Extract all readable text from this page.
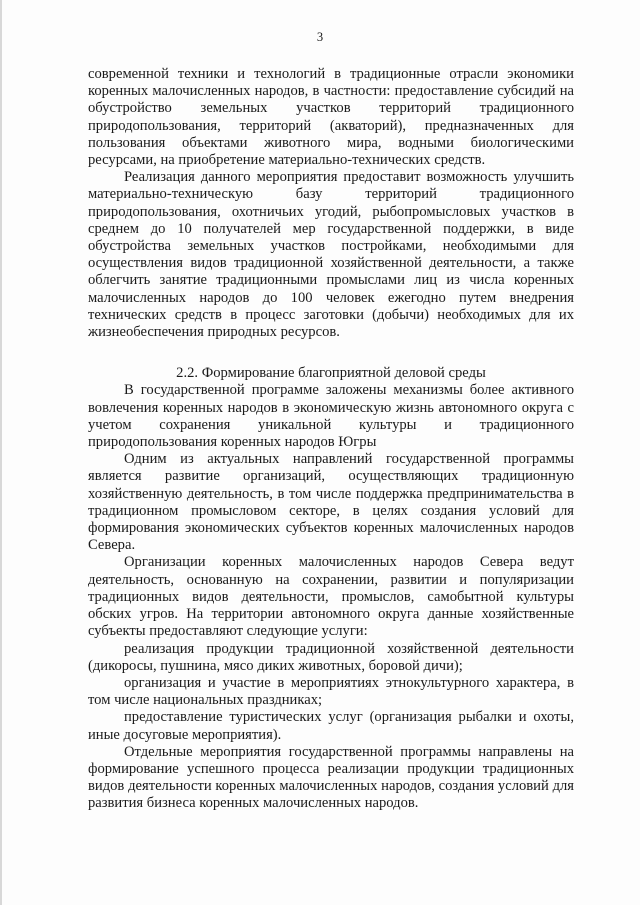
3

современной техники и технологий в традиционные отрасли экономики коренных малочисленных народов, в частности: предоставление субсидий на обустройство земельных участков территорий традиционного природопользования, территорий (акваторий), предназначенных для пользования объектами животного мира, водными биологическими ресурсами, на приобретение материально-технических средств.

Реализация данного мероприятия предоставит возможность улучшить материально-техническую базу территорий традиционного природопользования, охотничьих угодий, рыбопромысловых участков в среднем до 10 получателей мер государственной поддержки, в виде обустройства земельных участков постройками, необходимыми для осуществления видов традиционной хозяйственной деятельности, а также облегчить занятие традиционными промыслами лиц из числа коренных малочисленных народов до 100 человек ежегодно путем внедрения технических средств в процесс заготовки (добычи) необходимых для их жизнеобеспечения природных ресурсов.

2.2. Формирование благоприятной деловой среды

В государственной программе заложены механизмы более активного вовлечения коренных народов в экономическую жизнь автономного округа с учетом сохранения уникальной культуры и традиционного природопользования коренных народов Югры

Одним из актуальных направлений государственной программы является развитие организаций, осуществляющих традиционную хозяйственную деятельность, в том числе поддержка предпринимательства в традиционном промысловом секторе, в целях создания условий для формирования экономических субъектов коренных малочисленных народов Севера.

Организации коренных малочисленных народов Севера ведут деятельность, основанную на сохранении, развитии и популяризации традиционных видов деятельности, промыслов, самобытной культуры обских угров. На территории автономного округа данные хозяйственные субъекты предоставляют следующие услуги:

реализация продукции традиционной хозяйственной деятельности (дикоросы, пушнина, мясо диких животных, боровой дичи);

организация и участие в мероприятиях этнокультурного характера, в том числе национальных праздниках;

предоставление туристических услуг (организация рыбалки и охоты, иные досуговые мероприятия).

Отдельные мероприятия государственной программы направлены на формирование успешного процесса реализации продукции традиционных видов деятельности коренных малочисленных народов, создания условий для развития бизнеса коренных малочисленных народов.
